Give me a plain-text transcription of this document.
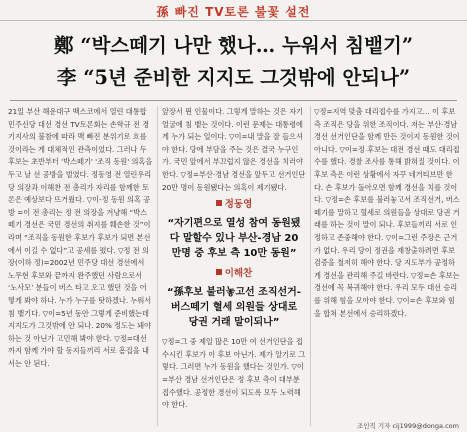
孫 빠진 TV토론 불꽃 설전
鄭 “박스떼기 나만 했나… 누워서 침뱉기”
李 “5년 준비한 지지도 그것밖에 안되나”
21일 부산 해운대구 벡스코에서 열린 대통합민주신당 대선 경선 TV토론회는 손학규 전 경기지사의 불참에 따라 맥 빠진 분위기로 흐를 것이라는 게 대체적인 관측이었다. 그러나 두 후보는 초반부터 '박스떼기' '조직 동원' 의혹을 두고 날 선 공방을 벌였다. 정동영 전 열린우리당 의장과 이해찬 전 총리가 자리를 함께한 토론은 예상보다 뜨거웠다. ▽이-정 동원 의혹 공방 =이 전 총리는 정 전 의장을 겨냥해 “박스떼기 경선은 국민 경선의 취지를 훼손한 것”이라며 “조직을 동원한 후보가 후보가 되면 본선에서 이길 수 없다”고 공세를 폈다. ▽정 전 의장(이하 정)=2002년 민주당 대선 경선에서 노무현 후보와 끝까지 완주했던 사람으로서 ‘노사모’ 분들이 버스 타고 오고 했던 것을 어떻게 봐야 하나. 누가 누구를 탓하겠나. 누워서 침 뱉기다. ▽이=5년 동안 그렇게 준비했는데 지지도가 그것밖에 안 되나. 20% 정도는 돼야 하는 것 아닌가 고민해 봐야 한다. ▽정=대선까지 함께 가야 할 동지들끼리 서로 흠집을 내서는 안 된다.
앞장서 뛴 인물이다. 그렇게 말하는 것은 자기 얼굴에 침 뱉는 것이다. 이런 문제는 대통령에게 누가 되는 일이다. ▽이=내 말을 잘 들으셔야 한다. 당에 부담을 주는 것은 결국 누구인가. 국민 앞에서 부끄럽지 않은 경선을 치러야 한다. ▽정=부산·경남 경선을 앞두고 선거인단 20만 명이 동원됐다는 의혹이 제기됐다.
정동영
“자기편으로 열성 참여 동원됐다 말할수 있나 부산-경남 20만명 중 후보 측 10만 동원”
이해찬
“孫후보 불러놓고선 조직선거-버스떼기 혈세 의원들 상대로 당권 거래 말이되나”
▽정=그 중 제일 많은 10만 여 선거인단을 접수시킨 후보가 이 후보 아닌가. 제가 알기로 그렇다. 그러면 누가 동원을 했다는 것인가. ▽이=부산 경남 선거인단은 정 후보 측이 대부분 접수했다. 공정한 경선이 되도록 모두 노력해야 한다.
▽정=지역 맞춤 대리접수를 가지고… 이 후보 측 조직은 당을 위한 조직이다. 저는 부산·경남 경선 선거인단을 함께 만든 것이지 동원한 것이 아니다. ▽이=정 후보는 대전 경선 때도 대리접수를 했다. 경찰 조사를 통해 밝혀질 것이다. 이 후보 측은 이런 상황에서 자꾸 네거티브만 한다. 손 후보가 돌아오면 함께 경선을 치를 것이다. ▽정=손 후보를 불러놓고서 조직선거, 버스떼기를 말하고 혈세로 의원들을 상대로 당권 거래를 하는 것이 말이 되나. 후보들끼리 서로 인정하고 존중해야 한다. ▽이=그런 주장은 근거가 없다. 우리 당이 정권을 재창출하려면 후보 검증을 철저히 해야 한다. 당 지도부가 공정하게 경선을 관리해 주길 바란다. ▽정=손 후보는 경선에 꼭 복귀해야 한다. 우리 모두 대선 승리를 위해 힘을 모아야 한다. ▽이=손 후보와 힘을 합쳐 본선에서 승리하겠다.
조인직 기자 cij1999@donga.com
